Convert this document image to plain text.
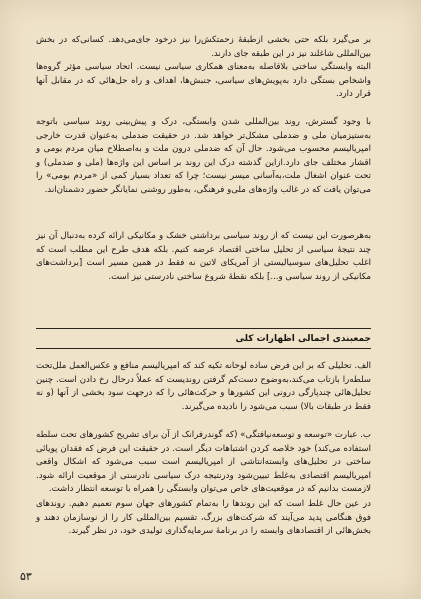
بر می‌گیرد بلکه حتی بخشی ازطبقهٔ زحمتکش‌را نیز درخود جای‌می‌دهد. کسانی‌که در بخش بین‌المللی شاغلند نیز در این طبقه جای دارند.

البته وابستگی ساختی بلاقاصله به‌معنای همکاری سیاسی نیست. اتحاد سیاسی مؤثر گروه‌ها واشخاص بستگی دارد به‌پویش‌های سیاسی، جنبش‌ها، اهداف و راه حل‌هائی که در مقابل آنها قرار دارد.

با وجود گسترش، روند بین‌المللی شدن وابستگی، درک و پیش‌بینی روند سیاسی باتوجه به‌ستیزمیان ملی و ضدملی مشکل‌تر خواهد شد. در حقیقت ضدملی به‌عنوان قدرت خارجی امپریالیسم محسوب می‌شود. حال آن که ضدملی درون ملت و به‌اصطلاح میان مردم بومی و اقشار مختلف جای دارد.ازاین گذشته درک این روند بر اساس این واژه‌ها (ملی و ضدملی) و تحت عنوان اشغال ملت،به‌آسانی میسر نیست؛ چرا که تعداد بسیار کمی از «مردم بومی» را می‌توان یافت که در غالب واژه‌های ملی‌و فرهنگی، به‌طور روشنی نمایانگر حضور دشمنان‌اند.

به‌هرصورت این نیست که از روند سیاسی برداشتی خشک و مکانیکی ارائه کرده به‌دنبال آن نیز چند نتیجهٔ سیاسی از تحلیل ساختی اقتصاد عرضه کنیم. بلکه هدف طرح این مطلب است که اغلب تحلیل‌های سوسیالیستی از آمریکای لاتین نه فقط در همین مسیر است [برداشت‌های مکانیکی از روند سیاسی و...] بلکه نقطهٔ شروع ساختی نادرستی نیز است.

جمعبندی اجمالی اظهارات کلی

الف. تحلیلی که بر این فرض ساده لوحانه تکیه کند که امپریالیسم منافع و عکس‌العمل ملل‌تحت سلطه‌را بازتاب می‌کند،به‌وضوح دست‌کم گرفتن روندیست که عملاً درحال رخ دادن است. چنین تحلیل‌هائی چندپارگی درونی این کشورها و حرکت‌هائی را که درجهت سود بخشی از آنها (و نه فقط در طبقات بالا) سبب می‌شود را نادیده می‌گیرند.

ب. عبارت «توسعه و توسعه‌نیافتگی» (که گوندرفرانک از آن برای تشریح کشورهای تحت سلطه استفاده می‌کند) خود خلاصه کردن اشتباهات دیگر است. در حقیقت این فرض که فقدان پویائی ساختی در تحلیل‌های وابسته‌انتاشی از امپریالیسم است سبب می‌شود که اشکال واقعی امپریالیسم اقتصادی به‌غلط تبیین‌شود ودرنتیجه درک سیاسی نادرستی از موقعیت ارائه شود. لازمست بدانیم که در موقعیت‌های خاص می‌توان وابستگی را همراه با توسعه انتظار داشت.

در عین حال غلط است که این روندها را به‌تمام کشورهای جهان سوم تعمیم دهیم. روندهای فوق هنگامی پدید می‌آیند که شرکت‌های بزرگ، تقسیم بین‌المللی کار را از نوسازمان دهند و بخش‌هائی از اقتصادهای وابسته را در برنامهٔ سرمایه‌گذاری تولیدی خود، در نظر گیرند.

۵۳
